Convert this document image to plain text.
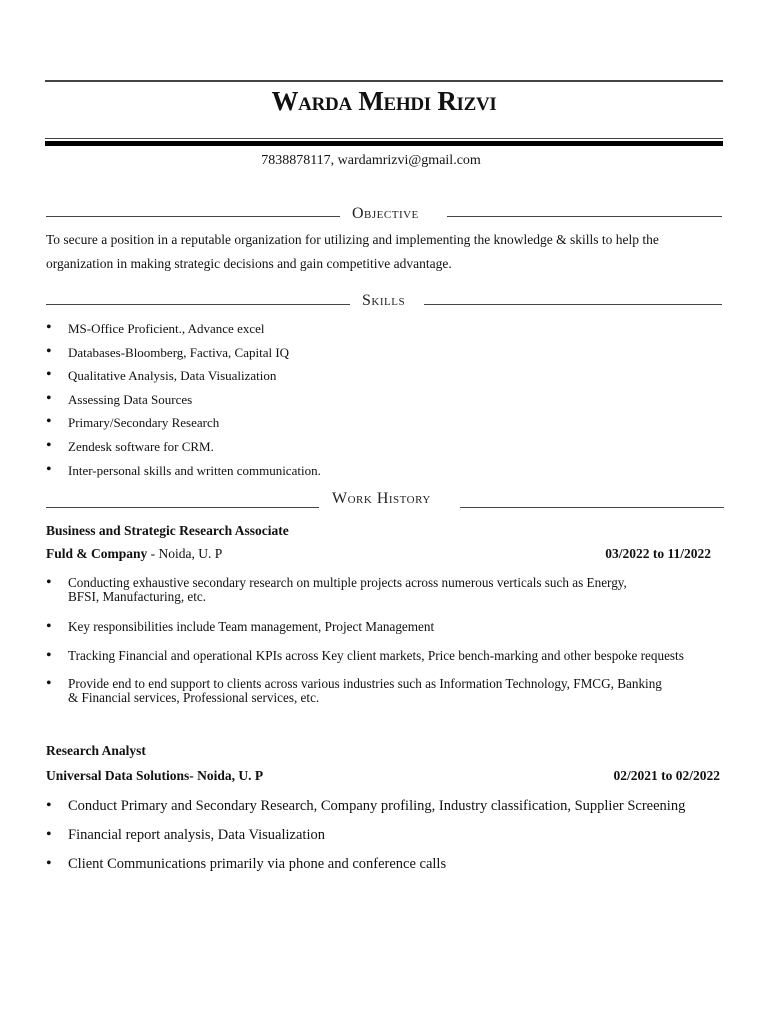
Warda Mehdi Rizvi
7838878117, wardamrizvi@gmail.com
Objective
To secure a position in a reputable organization for utilizing and implementing the knowledge & skills to help the
organization in making strategic decisions and gain competitive advantage.
Skills
• MS-Office Proficient., Advance excel
• Databases-Bloomberg, Factiva, Capital IQ
• Qualitative Analysis, Data Visualization
• Assessing Data Sources
• Primary/Secondary Research
• Zendesk software for CRM.
• Inter-personal skills and written communication.
Work History
Business and Strategic Research Associate
Fuld & Company - Noida, U. P	03/2022 to 11/2022
• Conducting exhaustive secondary research on multiple projects across numerous verticals such as Energy,
BFSI, Manufacturing, etc.
• Key responsibilities include Team management, Project Management
• Tracking Financial and operational KPIs across Key client markets, Price bench-marking and other bespoke requests
• Provide end to end support to clients across various industries such as Information Technology, FMCG, Banking
& Financial services, Professional services, etc.
Research Analyst
Universal Data Solutions- Noida, U. P	02/2021 to 02/2022
• Conduct Primary and Secondary Research, Company profiling, Industry classification, Supplier Screening
• Financial report analysis, Data Visualization
• Client Communications primarily via phone and conference calls
